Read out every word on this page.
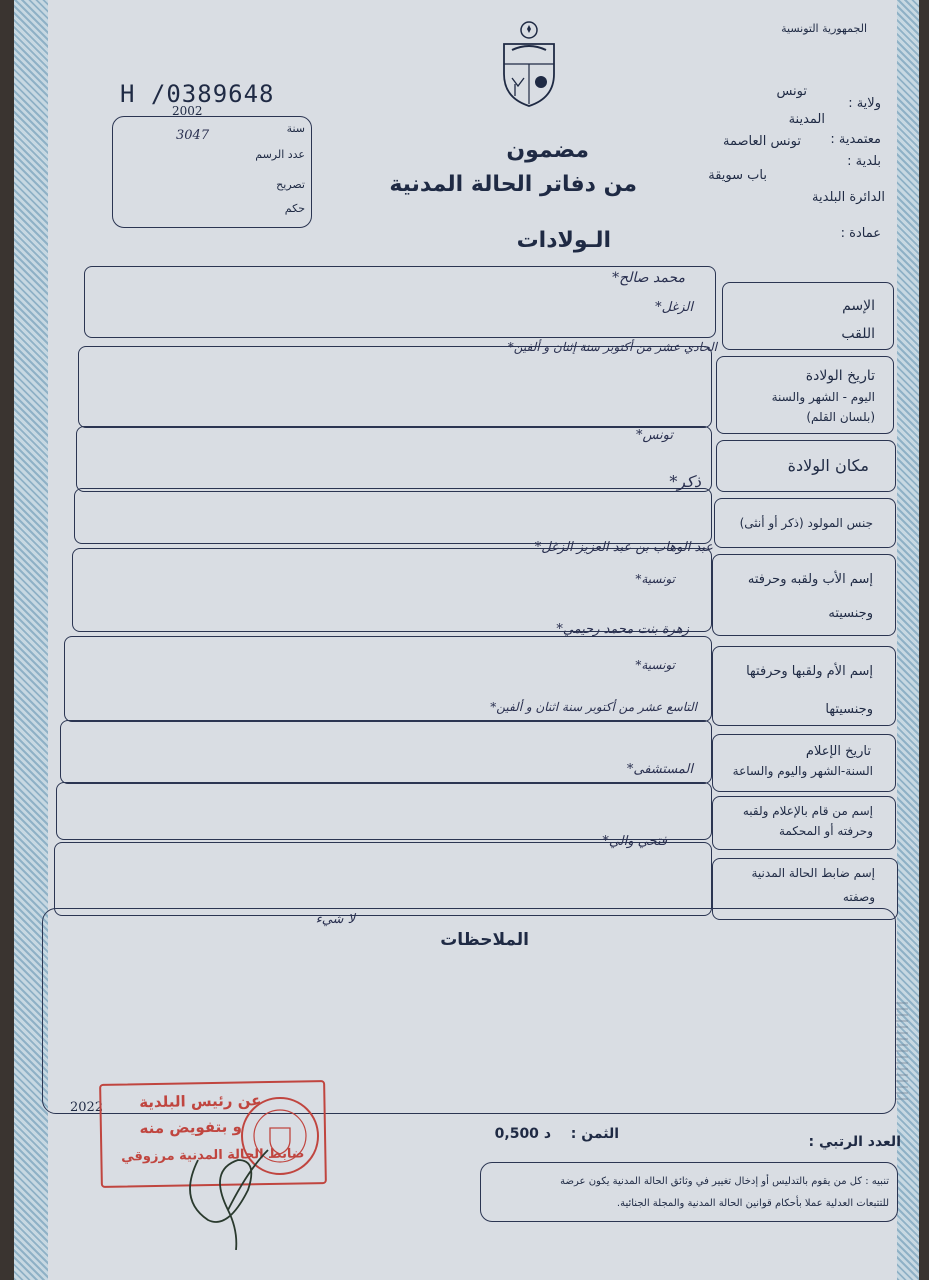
الجمهورية التونسية
ولاية :
تونس
المدينة
معتمدية :
تونس العاصمة
بلدية :
باب سويقة
الدائرة البلدية
عمادة :
H /0389648
2002
سنة
3047
عدد الرسم
تصريح
حكم
مضمون
من دفاتر الحالة المدنية
الـولادات
الإسم
اللقب
محمد صالح*
الزغل*
تاريخ الولادة
اليوم - الشهر والسنة
(بلسان القلم)
الحادي عشر من أكتوبر سنة إثنان و ألفين*
مكان الولادة
تونس*
جنس المولود (ذكر أو أنثى)
ذكر*
إسم الأب ولقبه وحرفته
وجنسيته
عبد الوهاب بن عبد العزيز الزغل*
تونسية*
إسم الأم ولقبها وحرفتها
وجنسيتها
زهرة بنت محمد رحيمي*
تونسية*
تاريخ الإعلام
السنة-الشهر واليوم والساعة
التاسع عشر من أكتوبر سنة اثنان و ألفين*
إسم من قام بالإعلام ولقبه
وحرفته أو المحكمة
المستشفى*
إسم ضابط الحالة المدنية
وصفته
فتحي والي*
الملاحظات
لا شيء
الثمن :
0,500 د	العدد الرتبي :
2022
تنبيه : كل من يقوم بالتدليس أو إدخال تغيير في وثائق الحالة المدنية يكون عرضة
للتتبعات العدلية عملا بأحكام قوانين الحالة المدنية والمجلة الجنائية.
عن رئيس البلدية
و بتفويض منه
ضابط الحالة المدنية مرزوقي
